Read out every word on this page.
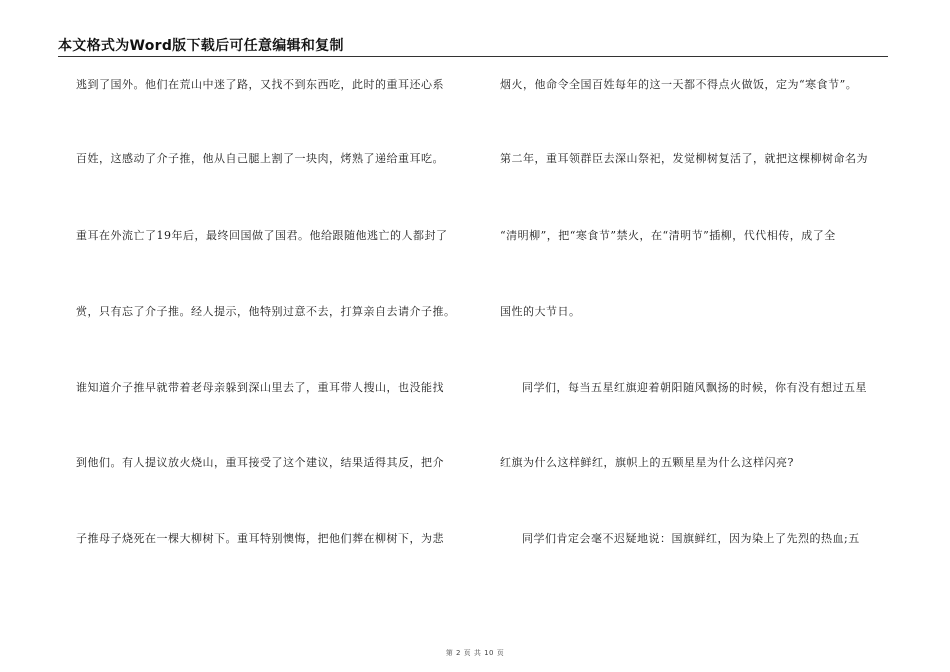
本文格式为Word版下载后可任意编辑和复制
逃到了国外。他们在荒山中迷了路，又找不到东西吃，此时的重耳还心系
百姓，这感动了介子推，他从自己腿上割了一块肉，烤熟了递给重耳吃。
重耳在外流亡了19年后，最终回国做了国君。他给跟随他逃亡的人都封了
赏，只有忘了介子推。经人提示，他特别过意不去，打算亲自去请介子推。
谁知道介子推早就带着老母亲躲到深山里去了，重耳带人搜山，也没能找
到他们。有人提议放火烧山，重耳接受了这个建议，结果适得其反，把介
子推母子烧死在一棵大柳树下。重耳特别懊悔，把他们葬在柳树下，为悲
烟火，他命令全国百姓每年的这一天都不得点火做饭，定为“寒食节”。
第二年，重耳领群臣去深山祭祀，发觉柳树复活了，就把这棵柳树命名为
“清明柳”，把“寒食节”禁火，在“清明节”插柳，代代相传，成了全
国性的大节日。
同学们，每当五星红旗迎着朝阳随风飘扬的时候，你有没有想过五星
红旗为什么这样鲜红，旗帜上的五颗星星为什么这样闪亮?
同学们肯定会毫不迟疑地说：国旗鲜红，因为染上了先烈的热血;五
第 2 页 共 10 页
